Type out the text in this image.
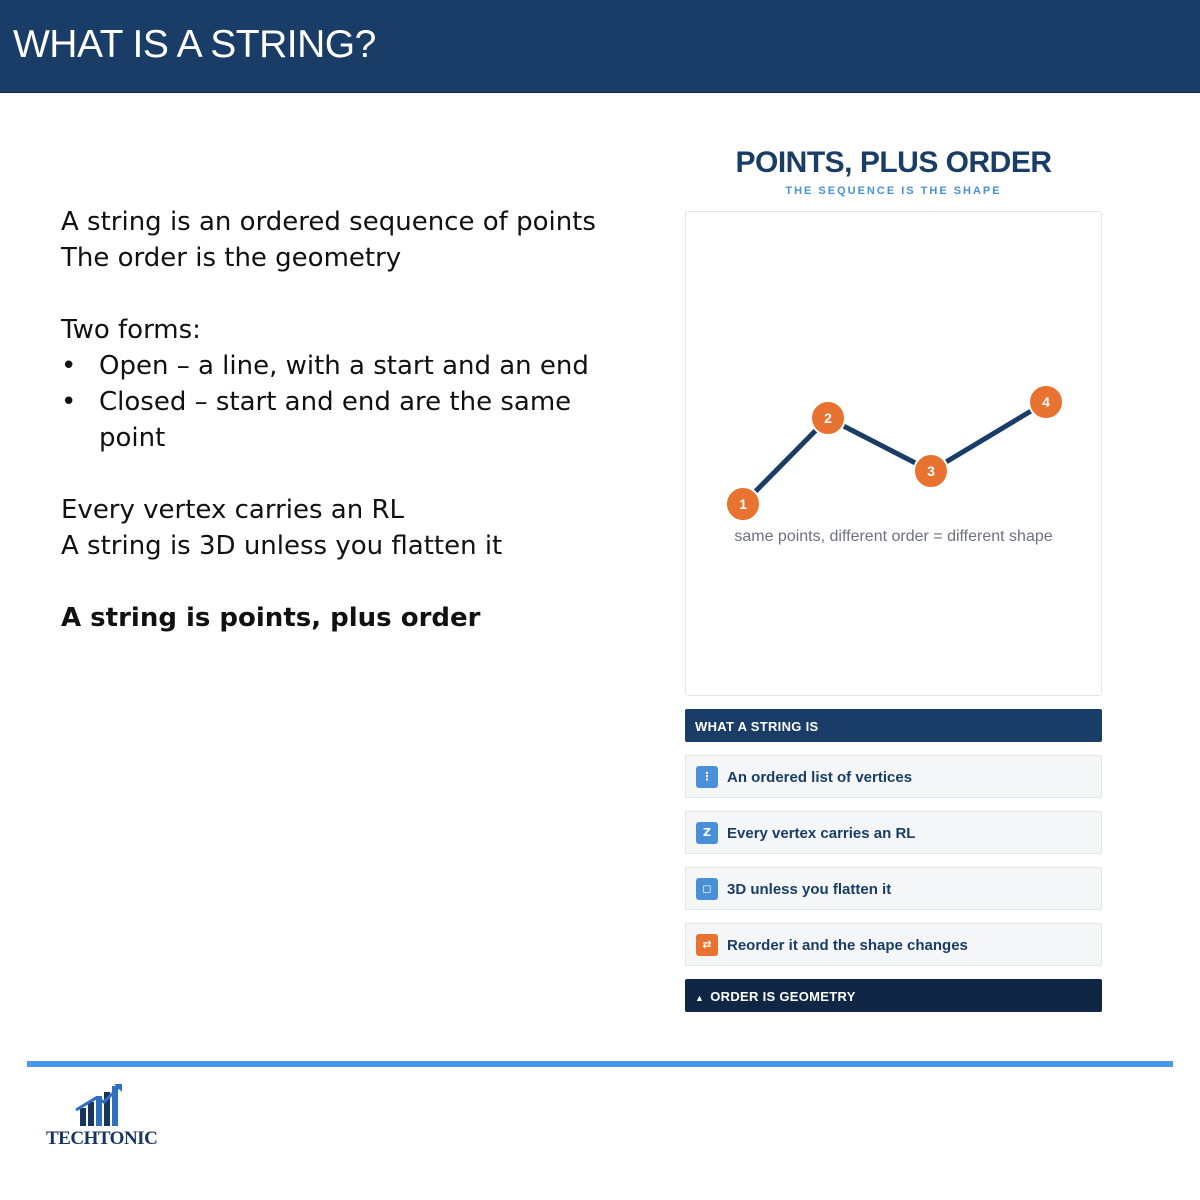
WHAT IS A STRING?
A string is an ordered sequence of points
The order is the geometry
Two forms:
• Open – a line, with a start and an end
• Closed – start and end are the same
point
Every vertex carries an RL
A string is 3D unless you flatten it
A string is points, plus order
POINTS, PLUS ORDER
THE SEQUENCE IS THE SHAPE
1
2
3
4
same points, different order = different shape
WHAT A STRING IS
⋮ An ordered list of vertices
Z	Every vertex carries an RL
◻	3D unless you flatten it
⇄	Reorder it and the shape changes
▲ ORDER IS GEOMETRY
TECHTONIC
